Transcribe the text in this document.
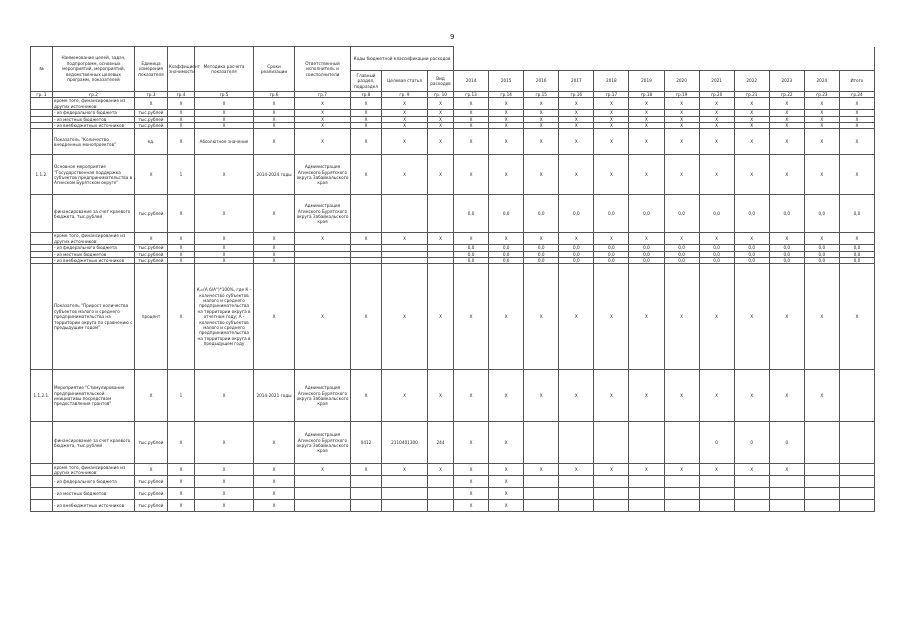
9
№	Наименование целей, задач, подпрограмм, основных мероприятий, мероприятий, ведомственных целевых программ, показателей	Единица измерения показателя	Коэффициент значимости	Методика расчета показателя	Сроки реализации	Ответственный исполнитель и соисполнители	Коды бюджетной классификации расходов														
							Главный раздел, подраздел	Целевая статья	Вид расходов	2014	2015	2016	2017	2018	2019	2020	2021	2022	2023	2024	Итого
гр. 1	гр.2	гр.3	гр.4	гр.5	гр.6	гр.7	гр.8	гр. 9	гр. 10	гр.13	гр.14	гр.15	гр.16	гр.17	гр.18	гр.19	гр.20	гр.21	гр.22	гр.23	гр.24
	кроме того, финансирование из других источников:	Х	Х	Х	Х	Х	Х	Х	Х	Х	Х	Х	Х	Х	Х	Х	Х	Х	Х	Х	Х
	- из федерального бюджета	тыс.рублей	Х	Х	Х	Х	Х	Х	Х	Х	Х	Х	Х	Х	Х	Х	Х	Х	Х	Х	Х
	- из местных бюджетов	тыс.рублей	Х	Х	Х	Х	Х	Х	Х	Х	Х	Х	Х	Х	Х	Х	Х	Х	Х	Х	Х
	- из внебюджетных источников	тыс.рублей	Х	Х	Х	Х	Х	Х	Х	Х	Х	Х	Х	Х	Х	Х	Х	Х	Х	Х	Х
	Показатель "Количество внедренных монопроектов"	ед.	Х	Абсолютное значение	Х	Х	Х	Х	Х	Х	Х	Х	Х	Х	Х	Х	Х	Х	Х	Х	Х
1.1.2.	Основное мероприятие "Государственная поддержка субъектов предпринимательства в Агинском Бурятском округе"	Х	1	Х	2014-2024 годы	Администрация Агинского Бурятского округа Забайкальского края	Х	Х	Х	Х	Х	Х	Х	Х	Х	Х	Х	Х	Х	Х	Х
	финансирование за счет краевого бюджета, тыс.рублей	тыс.рублей	Х	Х	Х	Администрация Агинского Бурятского округа Забайкальского края				0,0	0,0	0,0	0,0	0,0	0,0	0,0	0,0	0,0	0,0	0,0	0,0
	кроме того, финансирование из других источников:	Х	Х	Х	Х	Х	Х	Х	Х	Х	Х	Х	Х	Х	Х	Х	Х	Х	Х	Х	Х
	- из федерального бюджета	тыс.рублей	Х	Х	Х					0,0	0,0	0,0	0,0	0,0	0,0	0,0	0,0	0,0	0,0	0,0	0,0
	- из местных бюджетов	тыс.рублей	Х	Х	Х					0,0	0,0	0,0	0,0	0,0	0,0	0,0	0,0	0,0	0,0	0,0	0,0
	- из внебюджетных источников	тыс.рублей	Х	Х	Х					0,0	0,0	0,0	0,0	0,0	0,0	0,0	0,0	0,0	0,0	0,0	0,0
	Показатель "Прирост количества субъектов малого и среднего предпринимательства на территории округа по сравнению с предыдущим годом"	процент	Х	К=(А б/А°)*100%, где К - количество субъектов малого и среднего предпринимательства на территории округа в отчетном году; А - количество субъектов малого и среднего предпринимательства на территории округа в предыдущем году	Х	Х	Х	Х	Х	Х	Х	Х	Х	Х	Х	Х	Х	Х	Х	Х	Х
1.1.2.1.	Мероприятие "Стимулирование предпринимательской инициативы посредством предоставления грантов"	Х	1	Х	2014-2021 годы	Администрация Агинского Бурятского округа Забайкальского края	Х	Х	Х	Х	Х	Х	Х	Х	Х	Х	Х	Х	Х	Х	
	финансирование за счет краевого бюджета, тыс.рублей	тыс.рублей	Х	Х	Х	Администрация Агинского Бурятского округа Забайкальского края	0412	2110401300	244	Х	Х						0	0	0		
	кроме того, финансирование из других источников:	Х	Х	Х	Х	Х	Х	Х	Х	Х	Х	Х	Х	Х	Х	Х	Х	Х	Х		
	- из федерального бюджета	тыс.рублей	Х	Х	Х					Х	Х										
	- из местных бюджетов	тыс.рублей	Х	Х	Х					Х	Х										
	- из внебюджетных источников	тыс.рублей	Х	Х	Х					Х	Х										
